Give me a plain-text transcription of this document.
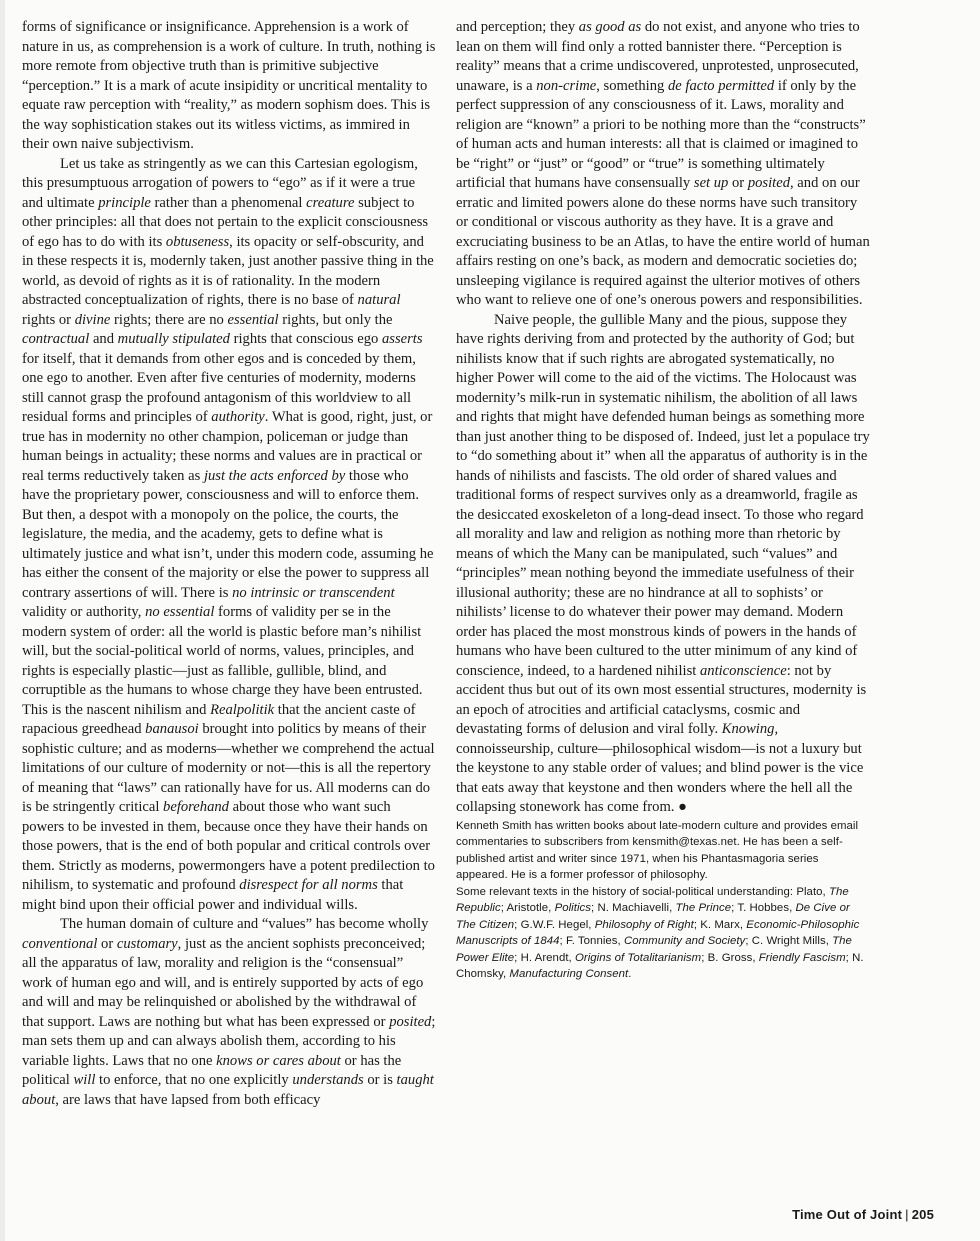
forms of significance or insignificance. Apprehension is a work of nature in us, as comprehension is a work of culture. In truth, nothing is more remote from objective truth than is primitive subjective “perception.” It is a mark of acute insipidity or uncritical mentality to equate raw perception with “reality,” as modern sophism does. This is the way sophistication stakes out its witless victims, as immired in their own naive subjectivism.

Let us take as stringently as we can this Cartesian egologism, this presumptuous arrogation of powers to “ego” as if it were a true and ultimate principle rather than a phenomenal creature subject to other principles: all that does not pertain to the explicit consciousness of ego has to do with its obtuseness, its opacity or self-obscurity, and in these respects it is, modernly taken, just another passive thing in the world, as devoid of rights as it is of rationality. In the modern abstracted conceptualization of rights, there is no base of natural rights or divine rights; there are no essential rights, but only the contractual and mutually stipulated rights that conscious ego asserts for itself, that it demands from other egos and is conceded by them, one ego to another. Even after five centuries of modernity, moderns still cannot grasp the profound antagonism of this worldview to all residual forms and principles of authority. What is good, right, just, or true has in modernity no other champion, policeman or judge than human beings in actuality; these norms and values are in practical or real terms reductively taken as just the acts enforced by those who have the proprietary power, consciousness and will to enforce them. But then, a despot with a monopoly on the police, the courts, the legislature, the media, and the academy, gets to define what is ultimately justice and what isn’t, under this modern code, assuming he has either the consent of the majority or else the power to suppress all contrary assertions of will. There is no intrinsic or transcendent validity or authority, no essential forms of validity per se in the modern system of order: all the world is plastic before man’s nihilist will, but the social-political world of norms, values, principles, and rights is especially plastic—just as fallible, gullible, blind, and corruptible as the humans to whose charge they have been entrusted. This is the nascent nihilism and Realpolitik that the ancient caste of rapacious greedhead banausoi brought into politics by means of their sophistic culture; and as moderns—whether we comprehend the actual limitations of our culture of modernity or not—this is all the repertory of meaning that “laws” can rationally have for us. All moderns can do is be stringently critical beforehand about those who want such powers to be invested in them, because once they have their hands on those powers, that is the end of both popular and critical controls over them. Strictly as moderns, powermongers have a potent predilection to nihilism, to systematic and profound disrespect for all norms that might bind upon their official power and individual wills.

The human domain of culture and “values” has become wholly conventional or customary, just as the ancient sophists preconceived; all the apparatus of law, morality and religion is the “consensual” work of human ego and will, and is entirely supported by acts of ego and will and may be relinquished or abolished by the withdrawal of that support. Laws are nothing but what has been expressed or posited; man sets them up and can always abolish them, according to his variable lights. Laws that no one knows or cares about or has the political will to enforce, that no one explicitly understands or is taught about, are laws that have lapsed from both efficacy

and perception; they as good as do not exist, and anyone who tries to lean on them will find only a rotted bannister there. “Perception is reality” means that a crime undiscovered, unprotested, unprosecuted, unaware, is a non-crime, something de facto permitted if only by the perfect suppression of any consciousness of it. Laws, morality and religion are “known” a priori to be nothing more than the “constructs” of human acts and human interests: all that is claimed or imagined to be “right” or “just” or “good” or “true” is something ultimately artificial that humans have consensually set up or posited, and on our erratic and limited powers alone do these norms have such transitory or conditional or viscous authority as they have. It is a grave and excruciating business to be an Atlas, to have the entire world of human affairs resting on one’s back, as modern and democratic societies do; unsleeping vigilance is required against the ulterior motives of others who want to relieve one of one’s onerous powers and responsibilities.

Naive people, the gullible Many and the pious, suppose they have rights deriving from and protected by the authority of God; but nihilists know that if such rights are abrogated systematically, no higher Power will come to the aid of the victims. The Holocaust was modernity’s milk-run in systematic nihilism, the abolition of all laws and rights that might have defended human beings as something more than just another thing to be disposed of. Indeed, just let a populace try to “do something about it” when all the apparatus of authority is in the hands of nihilists and fascists. The old order of shared values and traditional forms of respect survives only as a dreamworld, fragile as the desiccated exoskeleton of a long-dead insect. To those who regard all morality and law and religion as nothing more than rhetoric by means of which the Many can be manipulated, such “values” and “principles” mean nothing beyond the immediate usefulness of their illusional authority; these are no hindrance at all to sophists’ or nihilists’ license to do whatever their power may demand. Modern order has placed the most monstrous kinds of powers in the hands of humans who have been cultured to the utter minimum of any kind of conscience, indeed, to a hardened nihilist anticonscience: not by accident thus but out of its own most essential structures, modernity is an epoch of atrocities and artificial cataclysms, cosmic and devastating forms of delusion and viral folly. Knowing, connoisseurship, culture—philosophical wisdom—is not a luxury but the keystone to any stable order of values; and blind power is the vice that eats away that keystone and then wonders where the hell all the collapsing stonework has come from. ●

Kenneth Smith has written books about late-modern culture and provides email commentaries to subscribers from kensmith@texas.net. He has been a self-published artist and writer since 1971, when his Phantasmagoria series appeared. He is a former professor of philosophy.

Some relevant texts in the history of social-political understanding: Plato, The Republic; Aristotle, Politics; N. Machiavelli, The Prince; T. Hobbes, De Cive or The Citizen; G.W.F. Hegel, Philosophy of Right; K. Marx, Economic-Philosophic Manuscripts of 1844; F. Tonnies, Community and Society; C. Wright Mills, The Power Elite; H. Arendt, Origins of Totalitarianism; B. Gross, Friendly Fascism; N. Chomsky, Manufacturing Consent.

Time Out of Joint | 205
